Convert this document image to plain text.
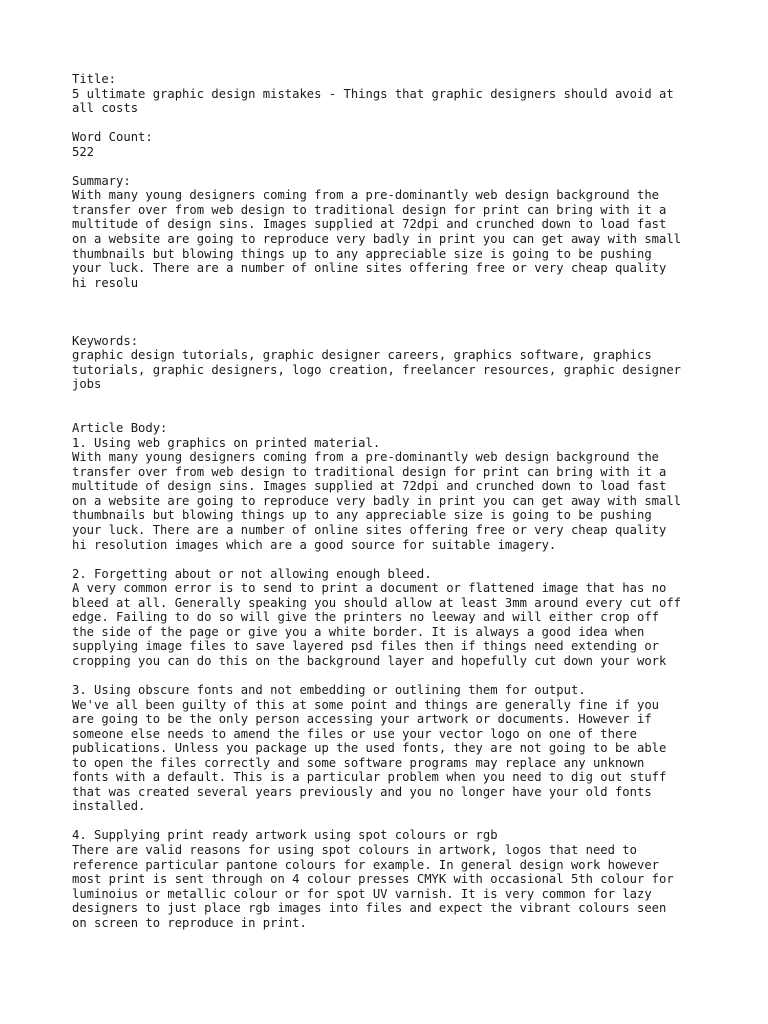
Title:
5 ultimate graphic design mistakes - Things that graphic designers should avoid at
all costs
Word Count:
522
Summary:
With many young designers coming from a pre-dominantly web design background the
transfer over from web design to traditional design for print can bring with it a
multitude of design sins. Images supplied at 72dpi and crunched down to load fast
on a website are going to reproduce very badly in print you can get away with small
thumbnails but blowing things up to any appreciable size is going to be pushing
your luck. There are a number of online sites offering free or very cheap quality
hi resolu
Keywords:
graphic design tutorials, graphic designer careers, graphics software, graphics
tutorials, graphic designers, logo creation, freelancer resources, graphic designer
jobs
Article Body:
1. Using web graphics on printed material.
With many young designers coming from a pre-dominantly web design background the
transfer over from web design to traditional design for print can bring with it a
multitude of design sins. Images supplied at 72dpi and crunched down to load fast
on a website are going to reproduce very badly in print you can get away with small
thumbnails but blowing things up to any appreciable size is going to be pushing
your luck. There are a number of online sites offering free or very cheap quality
hi resolution images which are a good source for suitable imagery.
2. Forgetting about or not allowing enough bleed.
A very common error is to send to print a document or flattened image that has no
bleed at all. Generally speaking you should allow at least 3mm around every cut off
edge. Failing to do so will give the printers no leeway and will either crop off
the side of the page or give you a white border. It is always a good idea when
supplying image files to save layered psd files then if things need extending or
cropping you can do this on the background layer and hopefully cut down your work
3. Using obscure fonts and not embedding or outlining them for output.
We've all been guilty of this at some point and things are generally fine if you
are going to be the only person accessing your artwork or documents. However if
someone else needs to amend the files or use your vector logo on one of there
publications. Unless you package up the used fonts, they are not going to be able
to open the files correctly and some software programs may replace any unknown
fonts with a default. This is a particular problem when you need to dig out stuff
that was created several years previously and you no longer have your old fonts
installed.
4. Supplying print ready artwork using spot colours or rgb
There are valid reasons for using spot colours in artwork, logos that need to
reference particular pantone colours for example. In general design work however
most print is sent through on 4 colour presses CMYK with occasional 5th colour for
luminoius or metallic colour or for spot UV varnish. It is very common for lazy
designers to just place rgb images into files and expect the vibrant colours seen
on screen to reproduce in print.
